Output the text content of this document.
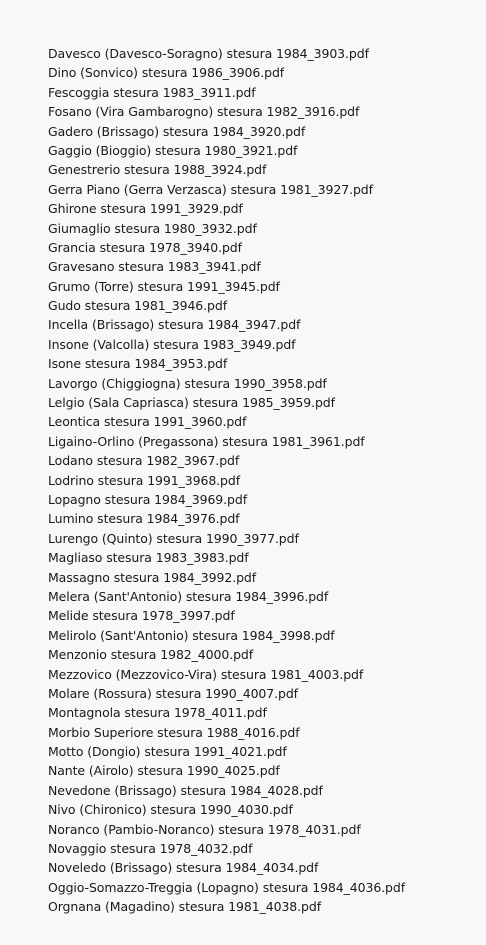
Davesco (Davesco-Soragno) stesura 1984_3903.pdf
Dino (Sonvico) stesura 1986_3906.pdf
Fescoggia stesura 1983_3911.pdf
Fosano (Vira Gambarogno) stesura 1982_3916.pdf
Gadero (Brissago) stesura 1984_3920.pdf
Gaggio (Bioggio) stesura 1980_3921.pdf
Genestrerio stesura 1988_3924.pdf
Gerra Piano (Gerra Verzasca) stesura 1981_3927.pdf
Ghirone stesura 1991_3929.pdf
Giumaglio stesura 1980_3932.pdf
Grancia stesura 1978_3940.pdf
Gravesano stesura 1983_3941.pdf
Grumo (Torre) stesura 1991_3945.pdf
Gudo stesura 1981_3946.pdf
Incella (Brissago) stesura 1984_3947.pdf
Insone (Valcolla) stesura 1983_3949.pdf
Isone stesura 1984_3953.pdf
Lavorgo (Chiggiogna) stesura 1990_3958.pdf
Lelgio (Sala Capriasca) stesura 1985_3959.pdf
Leontica stesura 1991_3960.pdf
Ligaino-Orlino (Pregassona) stesura 1981_3961.pdf
Lodano stesura 1982_3967.pdf
Lodrino stesura 1991_3968.pdf
Lopagno stesura 1984_3969.pdf
Lumino stesura 1984_3976.pdf
Lurengo (Quinto) stesura 1990_3977.pdf
Magliaso stesura 1983_3983.pdf
Massagno stesura 1984_3992.pdf
Melera (Sant'Antonio) stesura 1984_3996.pdf
Melide stesura 1978_3997.pdf
Melirolo (Sant'Antonio) stesura 1984_3998.pdf
Menzonio stesura 1982_4000.pdf
Mezzovico (Mezzovico-Vira) stesura 1981_4003.pdf
Molare (Rossura) stesura 1990_4007.pdf
Montagnola stesura 1978_4011.pdf
Morbio Superiore stesura 1988_4016.pdf
Motto (Dongio) stesura 1991_4021.pdf
Nante (Airolo) stesura 1990_4025.pdf
Nevedone (Brissago) stesura 1984_4028.pdf
Nivo (Chironico) stesura 1990_4030.pdf
Noranco (Pambio-Noranco) stesura 1978_4031.pdf
Novaggio stesura 1978_4032.pdf
Noveledo (Brissago) stesura 1984_4034.pdf
Oggio-Somazzo-Treggia (Lopagno) stesura 1984_4036.pdf
Orgnana (Magadino) stesura 1981_4038.pdf
